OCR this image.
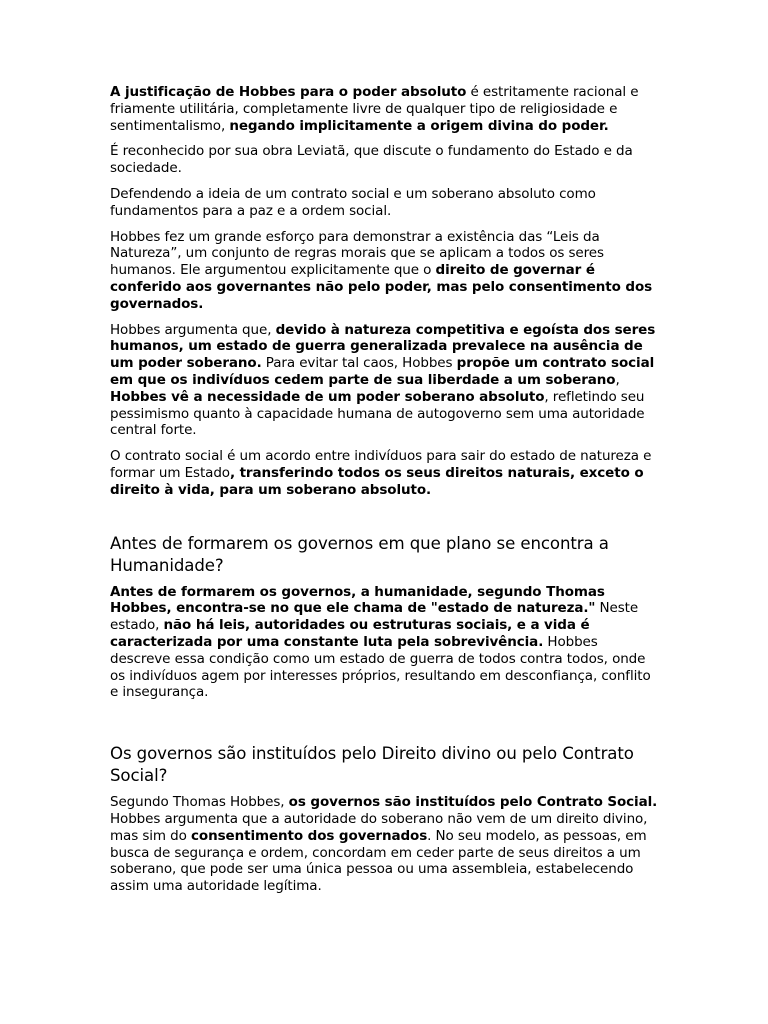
A justificação de Hobbes para o poder absoluto é estritamente racional e friamente utilitária, completamente livre de qualquer tipo de religiosidade e sentimentalismo, negando implicitamente a origem divina do poder.

É reconhecido por sua obra Leviatã, que discute o fundamento do Estado e da sociedade.

Defendendo a ideia de um contrato social e um soberano absoluto como fundamentos para a paz e a ordem social.

Hobbes fez um grande esforço para demonstrar a existência das “Leis da Natureza”, um conjunto de regras morais que se aplicam a todos os seres humanos. Ele argumentou explicitamente que o direito de governar é conferido aos governantes não pelo poder, mas pelo consentimento dos governados.

Hobbes argumenta que, devido à natureza competitiva e egoísta dos seres humanos, um estado de guerra generalizada prevalece na ausência de um poder soberano. Para evitar tal caos, Hobbes propõe um contrato social em que os indivíduos cedem parte de sua liberdade a um soberano, Hobbes vê a necessidade de um poder soberano absoluto, refletindo seu pessimismo quanto à capacidade humana de autogoverno sem uma autoridade central forte.

O contrato social é um acordo entre indivíduos para sair do estado de natureza e formar um Estado, transferindo todos os seus direitos naturais, exceto o direito à vida, para um soberano absoluto.

Antes de formarem os governos em que plano se encontra a Humanidade?

Antes de formarem os governos, a humanidade, segundo Thomas Hobbes, encontra-se no que ele chama de "estado de natureza." Neste estado, não há leis, autoridades ou estruturas sociais, e a vida é caracterizada por uma constante luta pela sobrevivência. Hobbes descreve essa condição como um estado de guerra de todos contra todos, onde os indivíduos agem por interesses próprios, resultando em desconfiança, conflito e insegurança.

Os governos são instituídos pelo Direito divino ou pelo Contrato Social?

Segundo Thomas Hobbes, os governos são instituídos pelo Contrato Social. Hobbes argumenta que a autoridade do soberano não vem de um direito divino, mas sim do consentimento dos governados. No seu modelo, as pessoas, em busca de segurança e ordem, concordam em ceder parte de seus direitos a um soberano, que pode ser uma única pessoa ou uma assembleia, estabelecendo assim uma autoridade legítima.
